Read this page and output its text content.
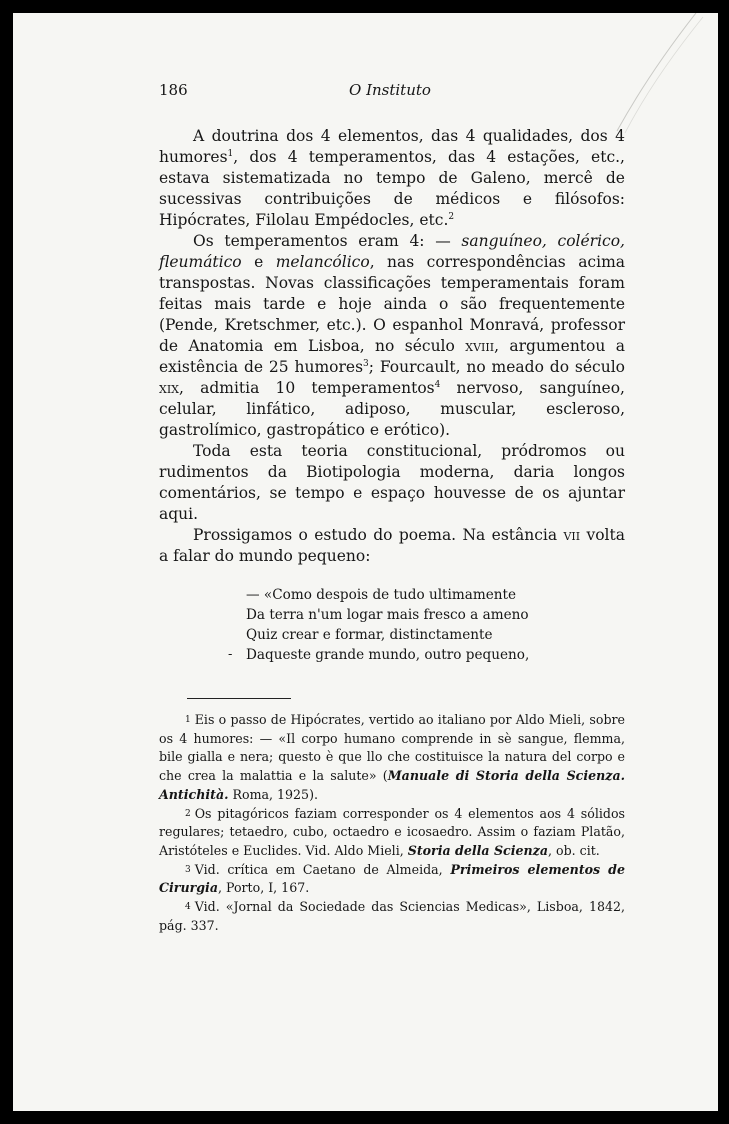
186	O Instituto

A doutrina dos 4 elementos, das 4 qualidades, dos 4 humores$^1$, dos 4 temperamentos, das 4 estações, etc., estava sistematizada no tempo de Galeno, mercê de sucessivas contribuições de médicos e filósofos: Hipócrates, Filolau Empédocles, etc.$^2$

Os temperamentos eram 4: — sanguíneo, colérico, fleumático e melancólico, nas correspondências acima transpostas. Novas classificações temperamentais foram feitas mais tarde e hoje ainda o são frequentemente (Pende, Kretschmer, etc.). O espanhol Monravá, professor de Anatomia em Lisboa, no século xviii, argumentou a existência de 25 humores$^3$; Fourcault, no meado do século xix, admitia 10 temperamentos$^4$ nervoso, sanguíneo, celular, linfático, adiposo, muscular, escleroso, gastrolímico, gastropático e erótico).

Toda esta teoria constitucional, pródromos ou rudimentos da Biotipologia moderna, daria longos comentários, se tempo e espaço houvesse de os ajuntar aqui.

Prossigamos o estudo do poema. Na estância vii volta a falar do mundo pequeno:

— «Como despois de tudo ultimamente
Da terra n'um logar mais fresco a ameno
Quiz crear e formar, distinctamente
Daqueste grande mundo, outro pequeno,
-

1 Eis o passo de Hipócrates, vertido ao italiano por Aldo Mieli, sobre os 4 humores: — «Il corpo humano comprende in sè sangue, flemma, bile gialla e nera; questo è que llo che costituisce la natura del corpo e che crea la malattia e la salute» (Manuale di Storia della Scienza. Antichità. Roma, 1925).

2 Os pitagóricos faziam corresponder os 4 elementos aos 4 sólidos regulares; tetaedro, cubo, octaedro e icosaedro. Assim o faziam Platão, Aristóteles e Euclides. Vid. Aldo Mieli, Storia della Scienza, ob. cit.

3 Vid. crítica em Caetano de Almeida, Primeiros elementos de Cirurgia, Porto, I, 167.

4 Vid. «Jornal da Sociedade das Sciencias Medicas», Lisboa, 1842, pág. 337.
